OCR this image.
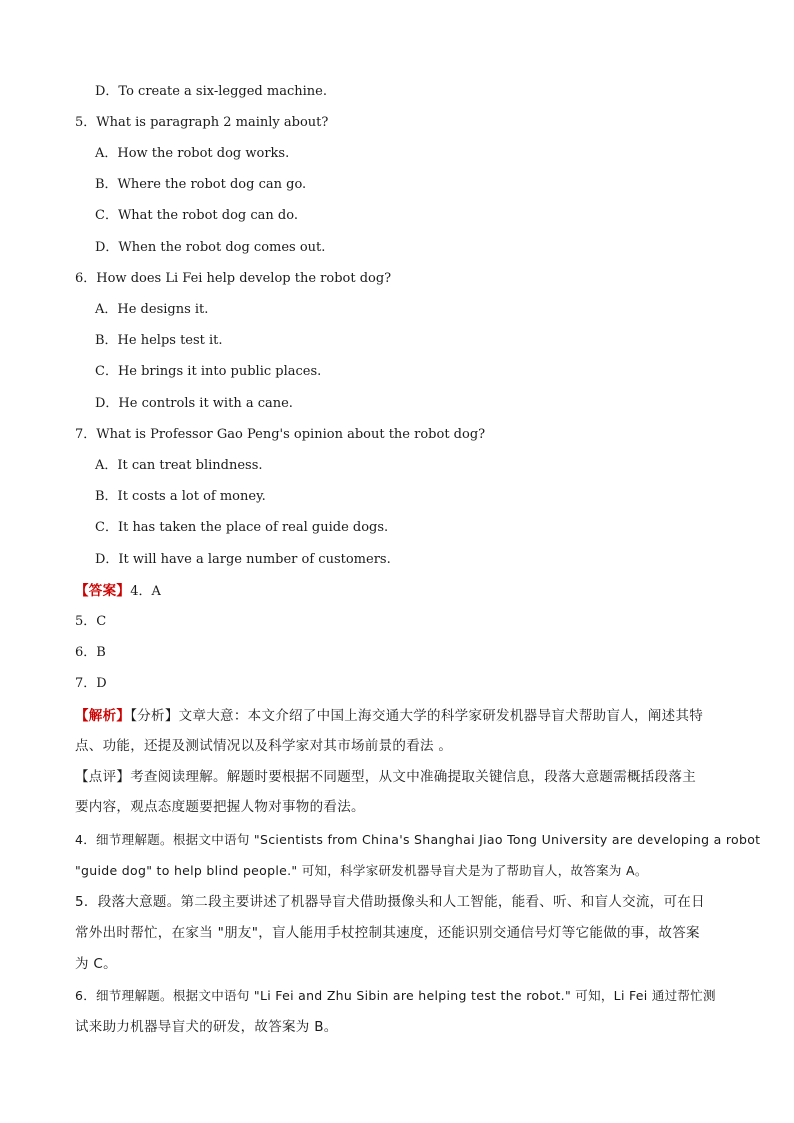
D．To create a six-legged machine.
5．What is paragraph 2 mainly about?
A．How the robot dog works.
B．Where the robot dog can go.
C．What the robot dog can do.
D．When the robot dog comes out.
6．How does Li Fei help develop the robot dog?
A．He designs it.
B．He helps test it.
C．He brings it into public places.
D．He controls it with a cane.
7．What is Professor Gao Peng's opinion about the robot dog?
A．It can treat blindness.
B．It costs a lot of money.
C．It has taken the place of real guide dogs.
D．It will have a large number of customers.
【答案】4．A
5．C
6．B
7．D
【解析】【分析】文章大意：本文介绍了中国上海交通大学的科学家研发机器导盲犬帮助盲人，阐述其特
点、功能，还提及测试情况以及科学家对其市场前景的看法 。
【点评】考查阅读理解。解题时要根据不同题型，从文中准确提取关键信息，段落大意题需概括段落主
要内容，观点态度题要把握人物对事物的看法。
4．细节理解题。根据文中语句 "Scientists from China's Shanghai Jiao Tong University are developing a robot
"guide dog" to help blind people." 可知，科学家研发机器导盲犬是为了帮助盲人，故答案为 A。
5．段落大意题。第二段主要讲述了机器导盲犬借助摄像头和人工智能，能看、听、和盲人交流，可在日
常外出时帮忙，在家当 "朋友"，盲人能用手杖控制其速度，还能识别交通信号灯等它能做的事，故答案
为 C。
6．细节理解题。根据文中语句 "Li Fei and Zhu Sibin are helping test the robot." 可知，Li Fei 通过帮忙测
试来助力机器导盲犬的研发，故答案为 B。
